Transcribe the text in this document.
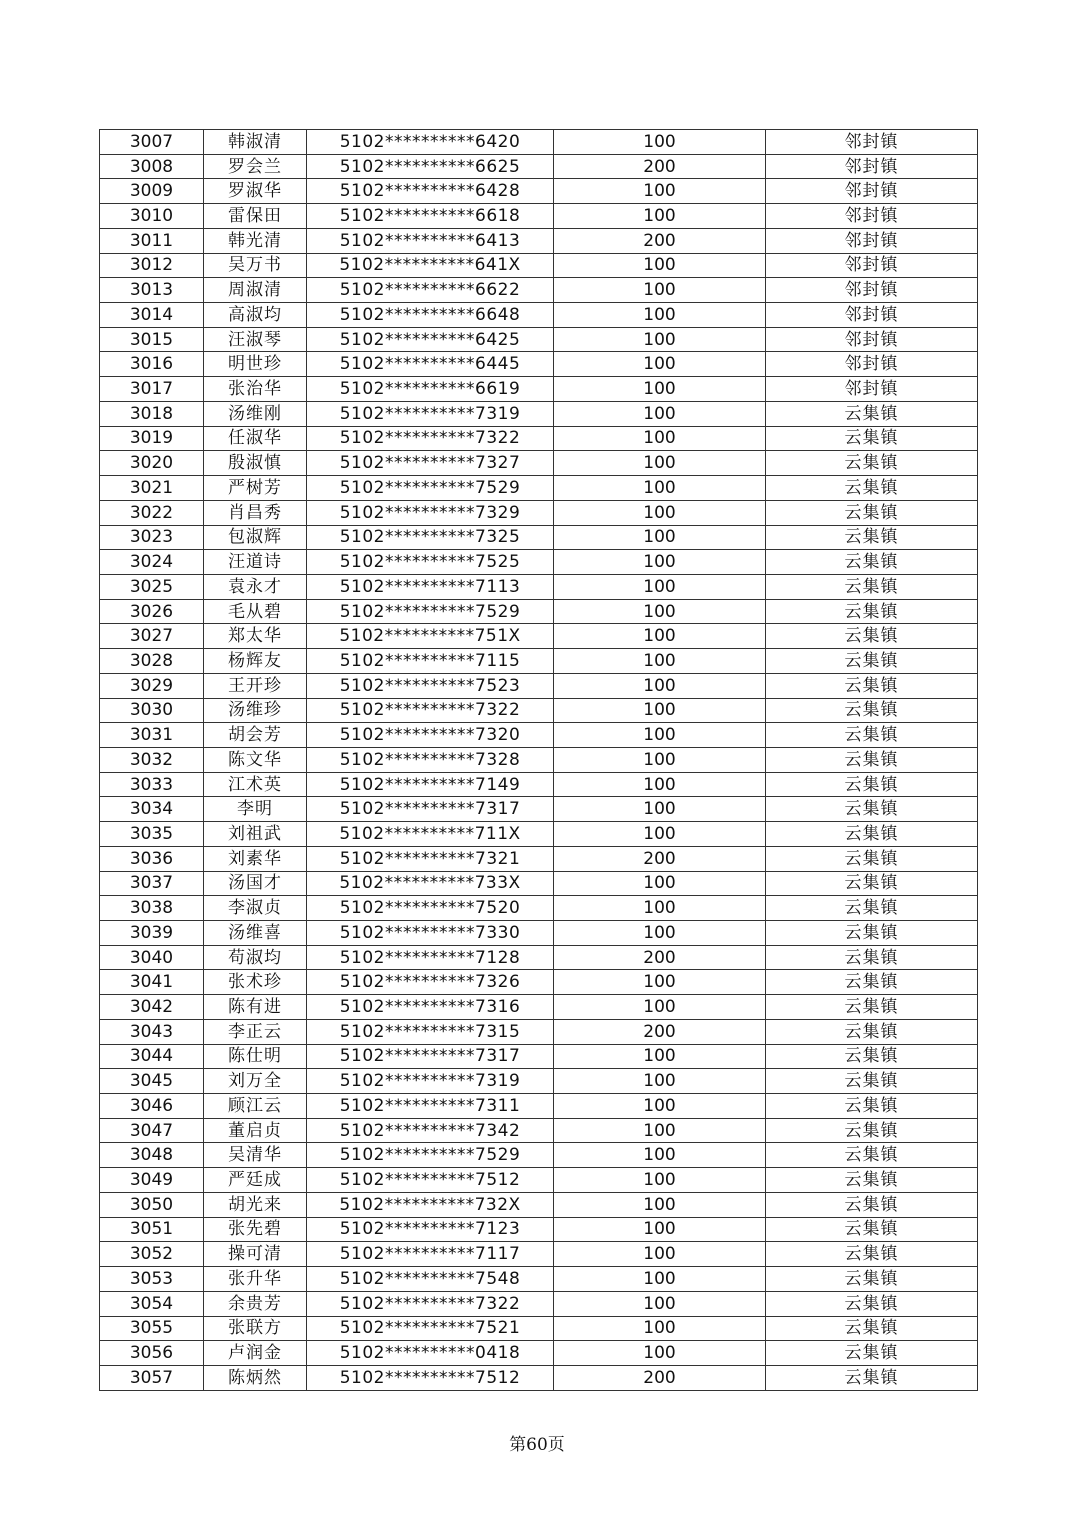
3007	韩淑清	5102**********6420	100	邻封镇
3008	罗会兰	5102**********6625	200	邻封镇
3009	罗淑华	5102**********6428	100	邻封镇
3010	雷保田	5102**********6618	100	邻封镇
3011	韩光清	5102**********6413	200	邻封镇
3012	吴万书	5102**********641X	100	邻封镇
3013	周淑清	5102**********6622	100	邻封镇
3014	高淑均	5102**********6648	100	邻封镇
3015	汪淑琴	5102**********6425	100	邻封镇
3016	明世珍	5102**********6445	100	邻封镇
3017	张治华	5102**********6619	100	邻封镇
3018	汤维刚	5102**********7319	100	云集镇
3019	任淑华	5102**********7322	100	云集镇
3020	殷淑慎	5102**********7327	100	云集镇
3021	严树芳	5102**********7529	100	云集镇
3022	肖昌秀	5102**********7329	100	云集镇
3023	包淑辉	5102**********7325	100	云集镇
3024	汪道诗	5102**********7525	100	云集镇
3025	袁永才	5102**********7113	100	云集镇
3026	毛从碧	5102**********7529	100	云集镇
3027	郑太华	5102**********751X	100	云集镇
3028	杨辉友	5102**********7115	100	云集镇
3029	王开珍	5102**********7523	100	云集镇
3030	汤维珍	5102**********7322	100	云集镇
3031	胡会芳	5102**********7320	100	云集镇
3032	陈文华	5102**********7328	100	云集镇
3033	江术英	5102**********7149	100	云集镇
3034	李明	5102**********7317	100	云集镇
3035	刘祖武	5102**********711X	100	云集镇
3036	刘素华	5102**********7321	200	云集镇
3037	汤国才	5102**********733X	100	云集镇
3038	李淑贞	5102**********7520	100	云集镇
3039	汤维喜	5102**********7330	100	云集镇
3040	苟淑均	5102**********7128	200	云集镇
3041	张术珍	5102**********7326	100	云集镇
3042	陈有进	5102**********7316	100	云集镇
3043	李正云	5102**********7315	200	云集镇
3044	陈仕明	5102**********7317	100	云集镇
3045	刘万全	5102**********7319	100	云集镇
3046	顾江云	5102**********7311	100	云集镇
3047	董启贞	5102**********7342	100	云集镇
3048	吴清华	5102**********7529	100	云集镇
3049	严廷成	5102**********7512	100	云集镇
3050	胡光来	5102**********732X	100	云集镇
3051	张先碧	5102**********7123	100	云集镇
3052	操可清	5102**********7117	100	云集镇
3053	张升华	5102**********7548	100	云集镇
3054	余贵芳	5102**********7322	100	云集镇
3055	张联方	5102**********7521	100	云集镇
3056	卢润金	5102**********0418	100	云集镇
3057	陈炳然	5102**********7512	200	云集镇
第60页
